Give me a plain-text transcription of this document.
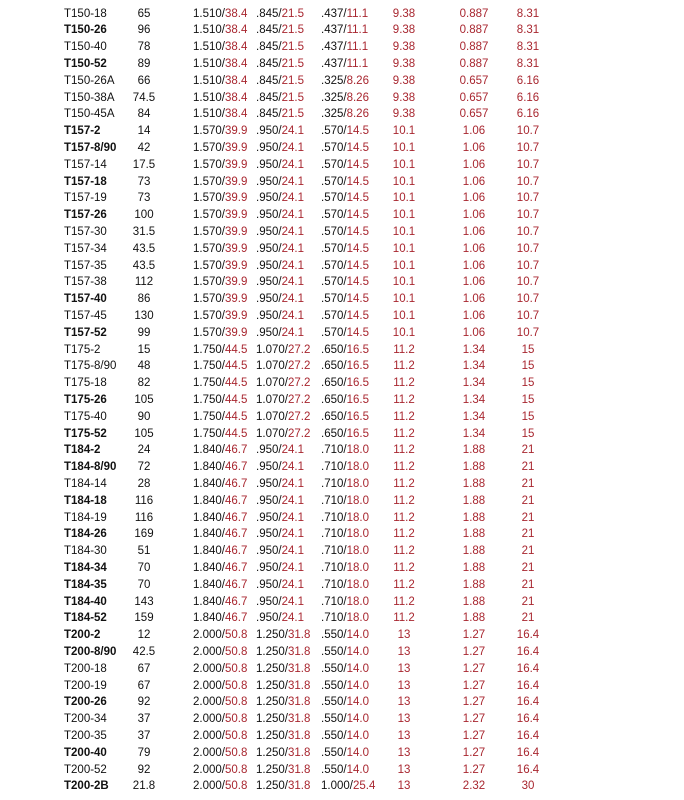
T150-18	65	1.510/38.4 .845/21.5 .437/11.1	9.38	0.887	8.31
T150-26	96	1.510/38.4 .845/21.5 .437/11.1	9.38	0.887	8.31
T150-40	78	1.510/38.4 .845/21.5 .437/11.1	9.38	0.887	8.31
T150-52	89	1.510/38.4 .845/21.5 .437/11.1	9.38	0.887	8.31
T150-26A	66	1.510/38.4 .845/21.5 .325/8.26	9.38	0.657	6.16
T150-38A	74.5	1.510/38.4 .845/21.5 .325/8.26	9.38	0.657	6.16
T150-45A	84	1.510/38.4 .845/21.5 .325/8.26	9.38	0.657	6.16
T157-2	14	1.570/39.9 .950/24.1 .570/14.5	10.1	1.06	10.7
T157-8/90	42	1.570/39.9 .950/24.1 .570/14.5	10.1	1.06	10.7
T157-14	17.5	1.570/39.9 .950/24.1 .570/14.5	10.1	1.06	10.7
T157-18	73	1.570/39.9 .950/24.1 .570/14.5	10.1	1.06	10.7
T157-19	73	1.570/39.9 .950/24.1 .570/14.5	10.1	1.06	10.7
T157-26	100	1.570/39.9 .950/24.1 .570/14.5	10.1	1.06	10.7
T157-30	31.5	1.570/39.9 .950/24.1 .570/14.5	10.1	1.06	10.7
T157-34	43.5	1.570/39.9 .950/24.1 .570/14.5	10.1	1.06	10.7
T157-35	43.5	1.570/39.9 .950/24.1 .570/14.5	10.1	1.06	10.7
T157-38	112	1.570/39.9 .950/24.1 .570/14.5	10.1	1.06	10.7
T157-40	86	1.570/39.9 .950/24.1 .570/14.5	10.1	1.06	10.7
T157-45	130	1.570/39.9 .950/24.1 .570/14.5	10.1	1.06	10.7
T157-52	99	1.570/39.9 .950/24.1 .570/14.5	10.1	1.06	10.7
T175-2	15	1.750/44.5 1.070/27.2 .650/16.5	11.2	1.34	15
T175-8/90	48	1.750/44.5 1.070/27.2 .650/16.5	11.2	1.34	15
T175-18	82	1.750/44.5 1.070/27.2 .650/16.5	11.2	1.34	15
T175-26	105	1.750/44.5 1.070/27.2 .650/16.5	11.2	1.34	15
T175-40	90	1.750/44.5 1.070/27.2 .650/16.5	11.2	1.34	15
T175-52	105	1.750/44.5 1.070/27.2 .650/16.5	11.2	1.34	15
T184-2	24	1.840/46.7 .950/24.1 .710/18.0	11.2	1.88	21
T184-8/90	72	1.840/46.7 .950/24.1 .710/18.0	11.2	1.88	21
T184-14	28	1.840/46.7 .950/24.1 .710/18.0	11.2	1.88	21
T184-18	116	1.840/46.7 .950/24.1 .710/18.0	11.2	1.88	21
T184-19	116	1.840/46.7 .950/24.1 .710/18.0	11.2	1.88	21
T184-26	169	1.840/46.7 .950/24.1 .710/18.0	11.2	1.88	21
T184-30	51	1.840/46.7 .950/24.1 .710/18.0	11.2	1.88	21
T184-34	70	1.840/46.7 .950/24.1 .710/18.0	11.2	1.88	21
T184-35	70	1.840/46.7 .950/24.1 .710/18.0	11.2	1.88	21
T184-40	143	1.840/46.7 .950/24.1 .710/18.0	11.2	1.88	21
T184-52	159	1.840/46.7 .950/24.1 .710/18.0	11.2	1.88	21
T200-2	12	2.000/50.8 1.250/31.8 .550/14.0	13	1.27	16.4
T200-8/90	42.5	2.000/50.8 1.250/31.8 .550/14.0	13	1.27	16.4
T200-18	67	2.000/50.8 1.250/31.8 .550/14.0	13	1.27	16.4
T200-19	67	2.000/50.8 1.250/31.8 .550/14.0	13	1.27	16.4
T200-26	92	2.000/50.8 1.250/31.8 .550/14.0	13	1.27	16.4
T200-34	37	2.000/50.8 1.250/31.8 .550/14.0	13	1.27	16.4
T200-35	37	2.000/50.8 1.250/31.8 .550/14.0	13	1.27	16.4
T200-40	79	2.000/50.8 1.250/31.8 .550/14.0	13	1.27	16.4
T200-52	92	2.000/50.8 1.250/31.8 .550/14.0	13	1.27	16.4
T200-2B	21.8	2.000/50.8 1.250/31.8 1.000/25.4	13	2.32	30
